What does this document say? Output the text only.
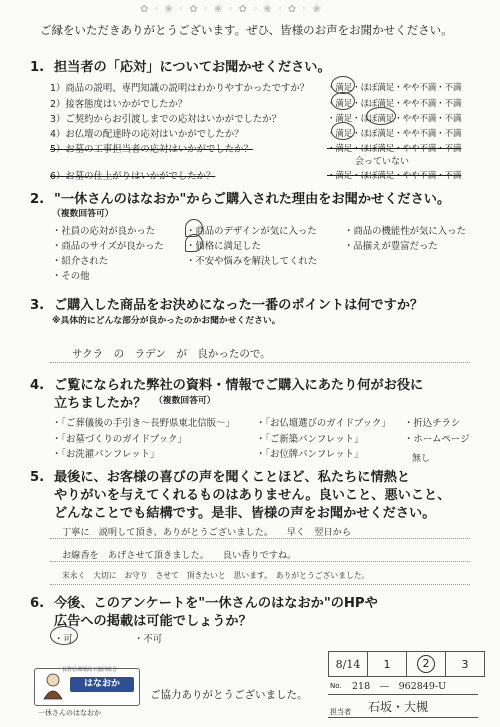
✿ ◦ ❀ ◦ ✿ ◦ ❀ ◦ ✿ ◦ ❀ ◦ ✿ ◦ ❀
ご縁をいただきありがとうございます。ぜひ、皆様のお声をお聞かせください。
1. 担当者の「応対」についてお聞かせください。
1）商品の説明、専門知識の説明はわかりやすかったですか？ ・満足・ほぼ満足・やや不満・不満
2）接客態度はいかがでしたか？	・満足・ほぼ満足・やや不満・不満
3）ご契約からお引渡しまでの応対はいかがでしたか？	・満足・ほぼ満足・やや不満・不満
4）お仏壇の配達時の応対はいかがでしたか？	・満足・ほぼ満足・やや不満・不満
5）お墓の工事担当者の応対はいかがでしたか？	・満足・ほぼ満足・やや不満・不満
会っていない
6）お墓の仕上がりはいかがでしたか？	・満足・ほぼ満足・やや不満・不満
2. "一休さんのはなおか"からご購入された理由をお聞かせください。
（複数回答可）
・社員の応対が良かった
・商品のサイズが良かった
・紹介された
・その他
・商品のデザインが気に入った
・価格に満足した
・不安や悩みを解決してくれた
・商品の機能性が気に入った
・品揃えが豊富だった
3. ご購入した商品をお決めになった一番のポイントは何ですか？
※具体的にどんな部分が良かったのかお聞かせください。
サクラ　の　ラデン　が　良かったので。
4. ご覧になられた弊社の資料・情報でご購入にあたり何がお役に
立ちましたか？ （複数回答可）
・「ご葬儀後の手引き～長野県東北信版～」
・「お墓づくりのガイドブック」
・「お洗濯パンフレット」
・「お仏壇選びのガイドブック」
・「ご新築パンフレット」
・「お位牌パンフレット」
・折込チラシ
・ホームページ
無し
5. 最後に、お客様の喜びの声を聞くことほど、私たちに情熱と
やりがいを与えてくれるものはありません。良いこと、悪いこと、
どんなことでも結構です。是非、皆様の声をお聞かせください。
丁寧に　説明して頂き、ありがとうございました。　　早く　翌日から
お線香を　あげさせて頂きました。　　良い香りですね。
末永く　大切に　お守り　させて　頂きたいと　思います。　ありがとうございました。
6. 今後、このアンケートを"一休さんのはなおか"のHPや
広告への掲載は可能でしょうか？
・可	・不可
長野県佛壇商工協同組合
はなおか
一休さんのはなおか
ご協力ありがとうございました。
8/14	1	2	3
No. 218　—　962849-U
担当者 石坂・大槻
